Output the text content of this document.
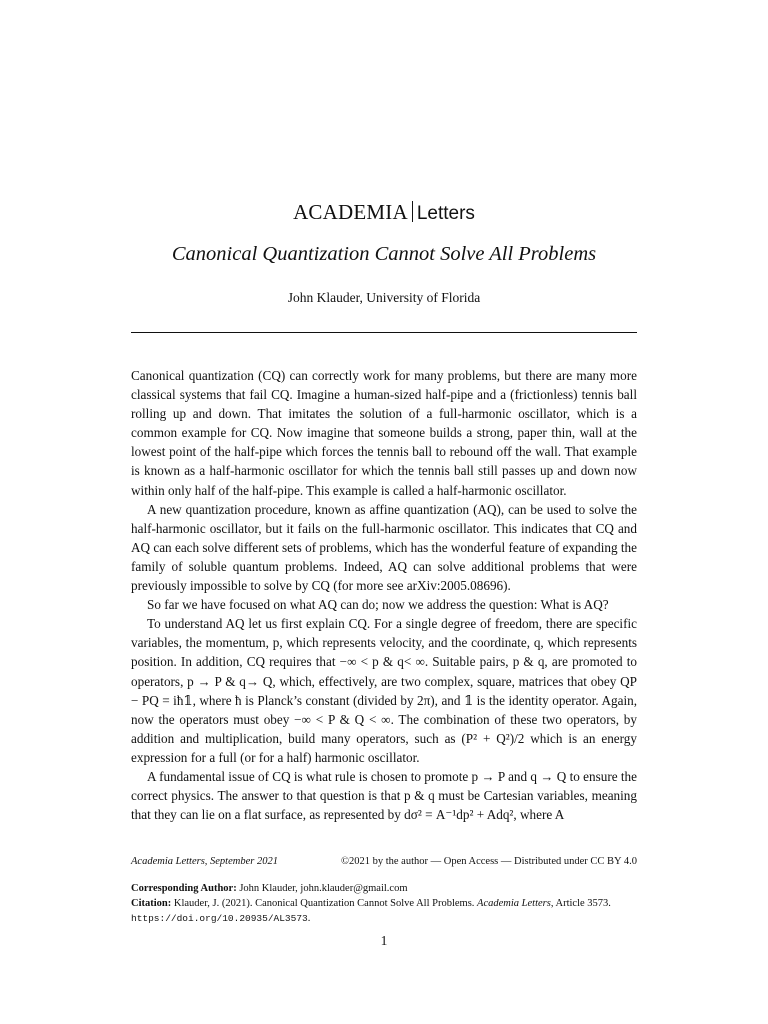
ACADEMIA Letters
Canonical Quantization Cannot Solve All Problems
John Klauder, University of Florida

Canonical quantization (CQ) can correctly work for many problems, but there are many more classical systems that fail CQ. Imagine a human-sized half-pipe and a (frictionless) tennis ball rolling up and down. That imitates the solution of a full-harmonic oscillator, which is a common example for CQ. Now imagine that someone builds a strong, paper thin, wall at the lowest point of the half-pipe which forces the tennis ball to rebound off the wall. That example is known as a half-harmonic oscillator for which the tennis ball still passes up and down now within only half of the half-pipe. This example is called a half-harmonic oscillator.

A new quantization procedure, known as affine quantization (AQ), can be used to solve the half-harmonic oscillator, but it fails on the full-harmonic oscillator. This indicates that CQ and AQ can each solve different sets of problems, which has the wonderful feature of expanding the family of soluble quantum problems. Indeed, AQ can solve additional problems that were previously impossible to solve by CQ (for more see arXiv:2005.08696).

So far we have focused on what AQ can do; now we address the question: What is AQ?

To understand AQ let us first explain CQ. For a single degree of freedom, there are specific variables, the momentum, p, which represents velocity, and the coordinate, q, which represents position. In addition, CQ requires that −∞ < p & q< ∞. Suitable pairs, p & q, are promoted to operators, p → P & q→ Q, which, effectively, are two complex, square, matrices that obey QP − PQ = iħ𝟙, where ħ is Planck’s constant (divided by 2π), and 𝟙 is the identity operator. Again, now the operators must obey −∞ < P & Q < ∞. The combination of these two operators, by addition and multiplication, build many operators, such as (P² + Q²)/2 which is an energy expression for a full (or for a half) harmonic oscillator.

A fundamental issue of CQ is what rule is chosen to promote p → P and q → Q to ensure the correct physics. The answer to that question is that p & q must be Cartesian variables, meaning that they can lie on a flat surface, as represented by dσ² = A⁻¹dp² + Adq², where A

Academia Letters, September 2021	©2021 by the author — Open Access — Distributed under CC BY 4.0
Corresponding Author: John Klauder, john.klauder@gmail.com
Citation: Klauder, J. (2021). Canonical Quantization Cannot Solve All Problems. Academia Letters, Article 3573. https://doi.org/10.20935/AL3573.
1
